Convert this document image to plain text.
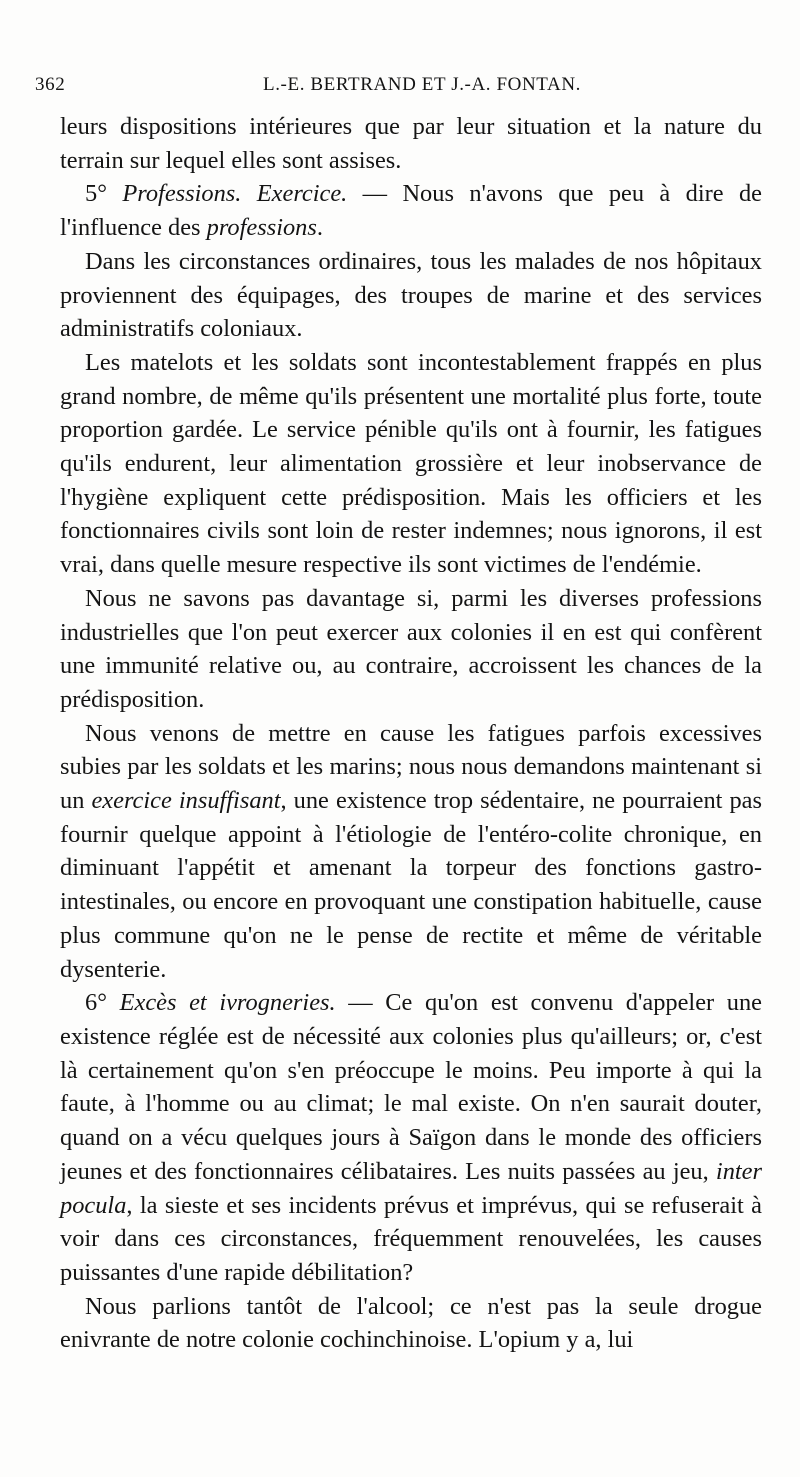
362	L.-E. BERTRAND ET J.-A. FONTAN.

leurs dispositions intérieures que par leur situation et la nature du terrain sur lequel elles sont assises.

5° Professions. Exercice. — Nous n'avons que peu à dire de l'influence des professions.

Dans les circonstances ordinaires, tous les malades de nos hôpitaux proviennent des équipages, des troupes de marine et des services administratifs coloniaux.

Les matelots et les soldats sont incontestablement frappés en plus grand nombre, de même qu'ils présentent une mortalité plus forte, toute proportion gardée. Le service pénible qu'ils ont à fournir, les fatigues qu'ils endurent, leur alimentation grossière et leur inobservance de l'hygiène expliquent cette prédisposition. Mais les officiers et les fonctionnaires civils sont loin de rester indemnes; nous ignorons, il est vrai, dans quelle mesure respective ils sont victimes de l'endémie.

Nous ne savons pas davantage si, parmi les diverses professions industrielles que l'on peut exercer aux colonies il en est qui confèrent une immunité relative ou, au contraire, accroissent les chances de la prédisposition.

Nous venons de mettre en cause les fatigues parfois excessives subies par les soldats et les marins; nous nous demandons maintenant si un exercice insuffisant, une existence trop sédentaire, ne pourraient pas fournir quelque appoint à l'étiologie de l'entéro-colite chronique, en diminuant l'appétit et amenant la torpeur des fonctions gastro-intestinales, ou encore en provoquant une constipation habituelle, cause plus commune qu'on ne le pense de rectite et même de véritable dysenterie.

6° Excès et ivrogneries. — Ce qu'on est convenu d'appeler une existence réglée est de nécessité aux colonies plus qu'ailleurs; or, c'est là certainement qu'on s'en préoccupe le moins. Peu importe à qui la faute, à l'homme ou au climat; le mal existe. On n'en saurait douter, quand on a vécu quelques jours à Saïgon dans le monde des officiers jeunes et des fonctionnaires célibataires. Les nuits passées au jeu, inter pocula, la sieste et ses incidents prévus et imprévus, qui se refuserait à voir dans ces circonstances, fréquemment renouvelées, les causes puissantes d'une rapide débilitation?

Nous parlions tantôt de l'alcool; ce n'est pas la seule drogue enivrante de notre colonie cochinchinoise. L'opium y a, lui
